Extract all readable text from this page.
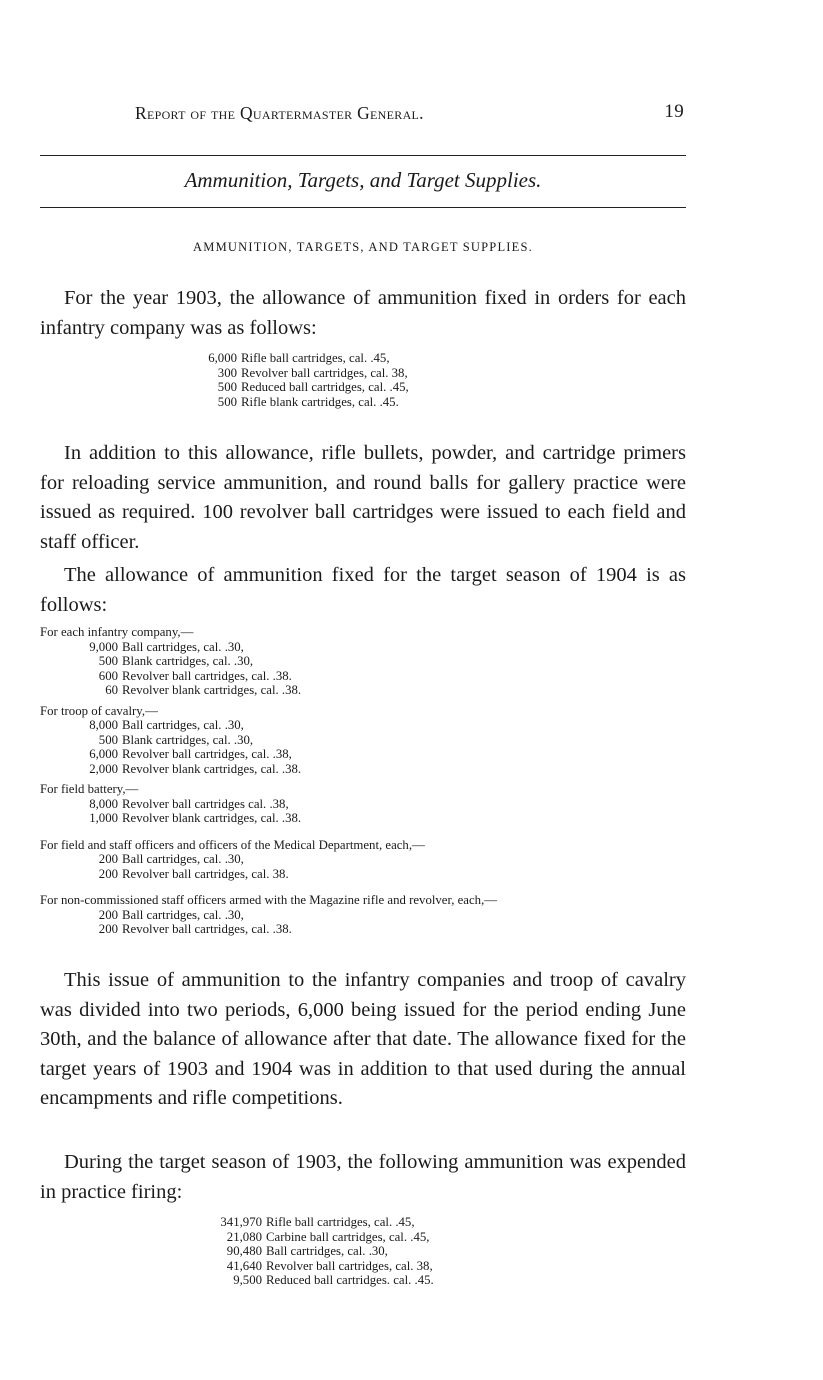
Report of the Quartermaster General.	19
Ammunition, Targets, and Target Supplies.
AMMUNITION, TARGETS, AND TARGET SUPPLIES.
For the year 1903, the allowance of ammunition fixed in orders for each infantry company was as follows:
6,000 Rifle ball cartridges, cal. .45,
300 Revolver ball cartridges, cal. 38,
500 Reduced ball cartridges, cal. .45,
500 Rifle blank cartridges, cal. .45.
In addition to this allowance, rifle bullets, powder, and cartridge primers for reloading service ammunition, and round balls for gallery practice were issued as required. 100 revolver ball cartridges were issued to each field and staff officer.
The allowance of ammunition fixed for the target season of 1904 is as follows:
For each infantry company,—
9,000 Ball cartridges, cal. .30,
500 Blank cartridges, cal. .30,
600 Revolver ball cartridges, cal. .38.
60 Revolver blank cartridges, cal. .38.
For troop of cavalry,—
8,000 Ball cartridges, cal. .30,
500 Blank cartridges, cal. .30,
6,000 Revolver ball cartridges, cal. .38,
2,000 Revolver blank cartridges, cal. .38.
For field battery,—
8,000 Revolver ball cartridges cal. .38,
1,000 Revolver blank cartridges, cal. .38.
For field and staff officers and officers of the Medical Department, each,—
200 Ball cartridges, cal. .30,
200 Revolver ball cartridges, cal. 38.
For non-commissioned staff officers armed with the Magazine rifle and revolver, each,—
200 Ball cartridges, cal. .30,
200 Revolver ball cartridges, cal. .38.
This issue of ammunition to the infantry companies and troop of cavalry was divided into two periods, 6,000 being issued for the period ending June 30th, and the balance of allowance after that date. The allowance fixed for the target years of 1903 and 1904 was in addition to that used during the annual encampments and rifle competitions.
During the target season of 1903, the following ammunition was expended in practice firing:
341,970 Rifle ball cartridges, cal. .45,
21,080 Carbine ball cartridges, cal. .45,
90,480 Ball cartridges, cal. .30,
41,640 Revolver ball cartridges, cal. 38,
9,500 Reduced ball cartridges. cal. .45.
